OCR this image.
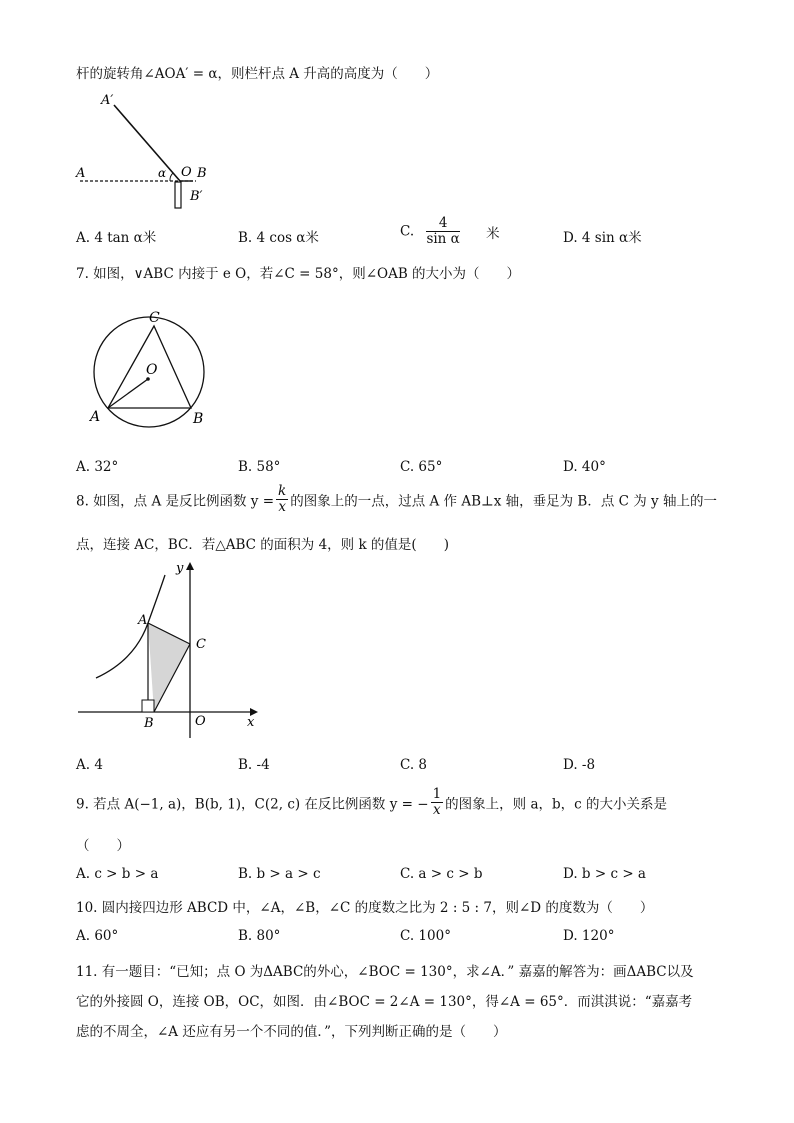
杆的旋转角∠AOA′ = α，则栏杆点 A 升高的高度为（　　）
A′
A	α O B
B′
A. 4 tan α米	B. 4 cos α米	C. $\frac{4}{\text{sin α}}$ 米	D. 4 sin α米
7. 如图，∨ABC 内接于 e O，若∠C = 58°，则∠OAB 的大小为（　　）
C
O
A	B
A. 32°	B. 58°	C. 65°	D. 40°
8. 如图，点 A 是反比例函数 $y = \frac{k}{x}$ 的图象上的一点，过点 A 作 AB⊥x 轴，垂足为 B．点 C 为 y 轴上的一
点，连接 AC，BC．若△ABC 的面积为 4，则 k 的值是(　　)
y
A
C
B	O	x
A. 4	B. -4	C. 8	D. -8
9. 若点 A(−1, a)，B(b, 1)，C(2, c) 在反比例函数 y = − $\frac{1}{x}$ 的图象上，则 a，b，c 的大小关系是
（　　）
A. c > b > a	B. b > a > c	C. a > c > b	D. b > c > a
10. 圆内接四边形 ABCD 中，∠A，∠B，∠C 的度数之比为 2 : 5 : 7，则∠D 的度数为（　　）
A. 60°	B. 80°	C. 100°	D. 120°
11. 有一题目：“已知；点 O 为ΔABC的外心，∠BOC = 130°，求∠A．” 嘉嘉的解答为：画ΔABC以及
它的外接圆 O，连接 OB，OC，如图．由∠BOC = 2∠A = 130°，得∠A = 65°．而淇淇说：“嘉嘉考
虑的不周全，∠A 还应有另一个不同的值．”，下列判断正确的是（　　）
